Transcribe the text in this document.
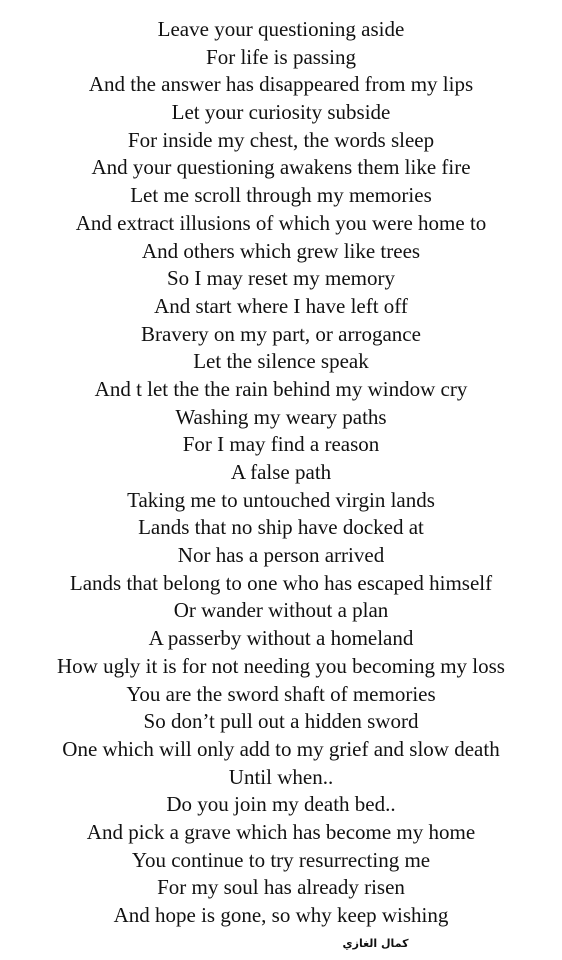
Leave your questioning aside
For life is passing
And the answer has disappeared from my lips
Let your curiosity subside
For inside my chest, the words sleep
And your questioning awakens them like fire
Let me scroll through my memories
And extract illusions of which you were home to
And others which grew like trees
So I may reset my memory
And start where I have left off
Bravery on my part, or arrogance
Let the silence speak
And t let the the rain behind my window cry
Washing my weary paths
For I may find a reason
A false path
Taking me to untouched virgin lands
Lands that no ship have docked at
Nor has a person arrived
Lands that belong to one who has escaped himself
Or wander without a plan
A passerby without a homeland
How ugly it is for not needing you becoming my loss
You are the sword shaft of memories
So don’t pull out a hidden sword
One which will only add to my grief and slow death
Until when..
Do you join my death bed..
And pick a grave which has become my home
You continue to try resurrecting me
For my soul has already risen
And hope is gone, so why keep wishing
كمال الغازي
